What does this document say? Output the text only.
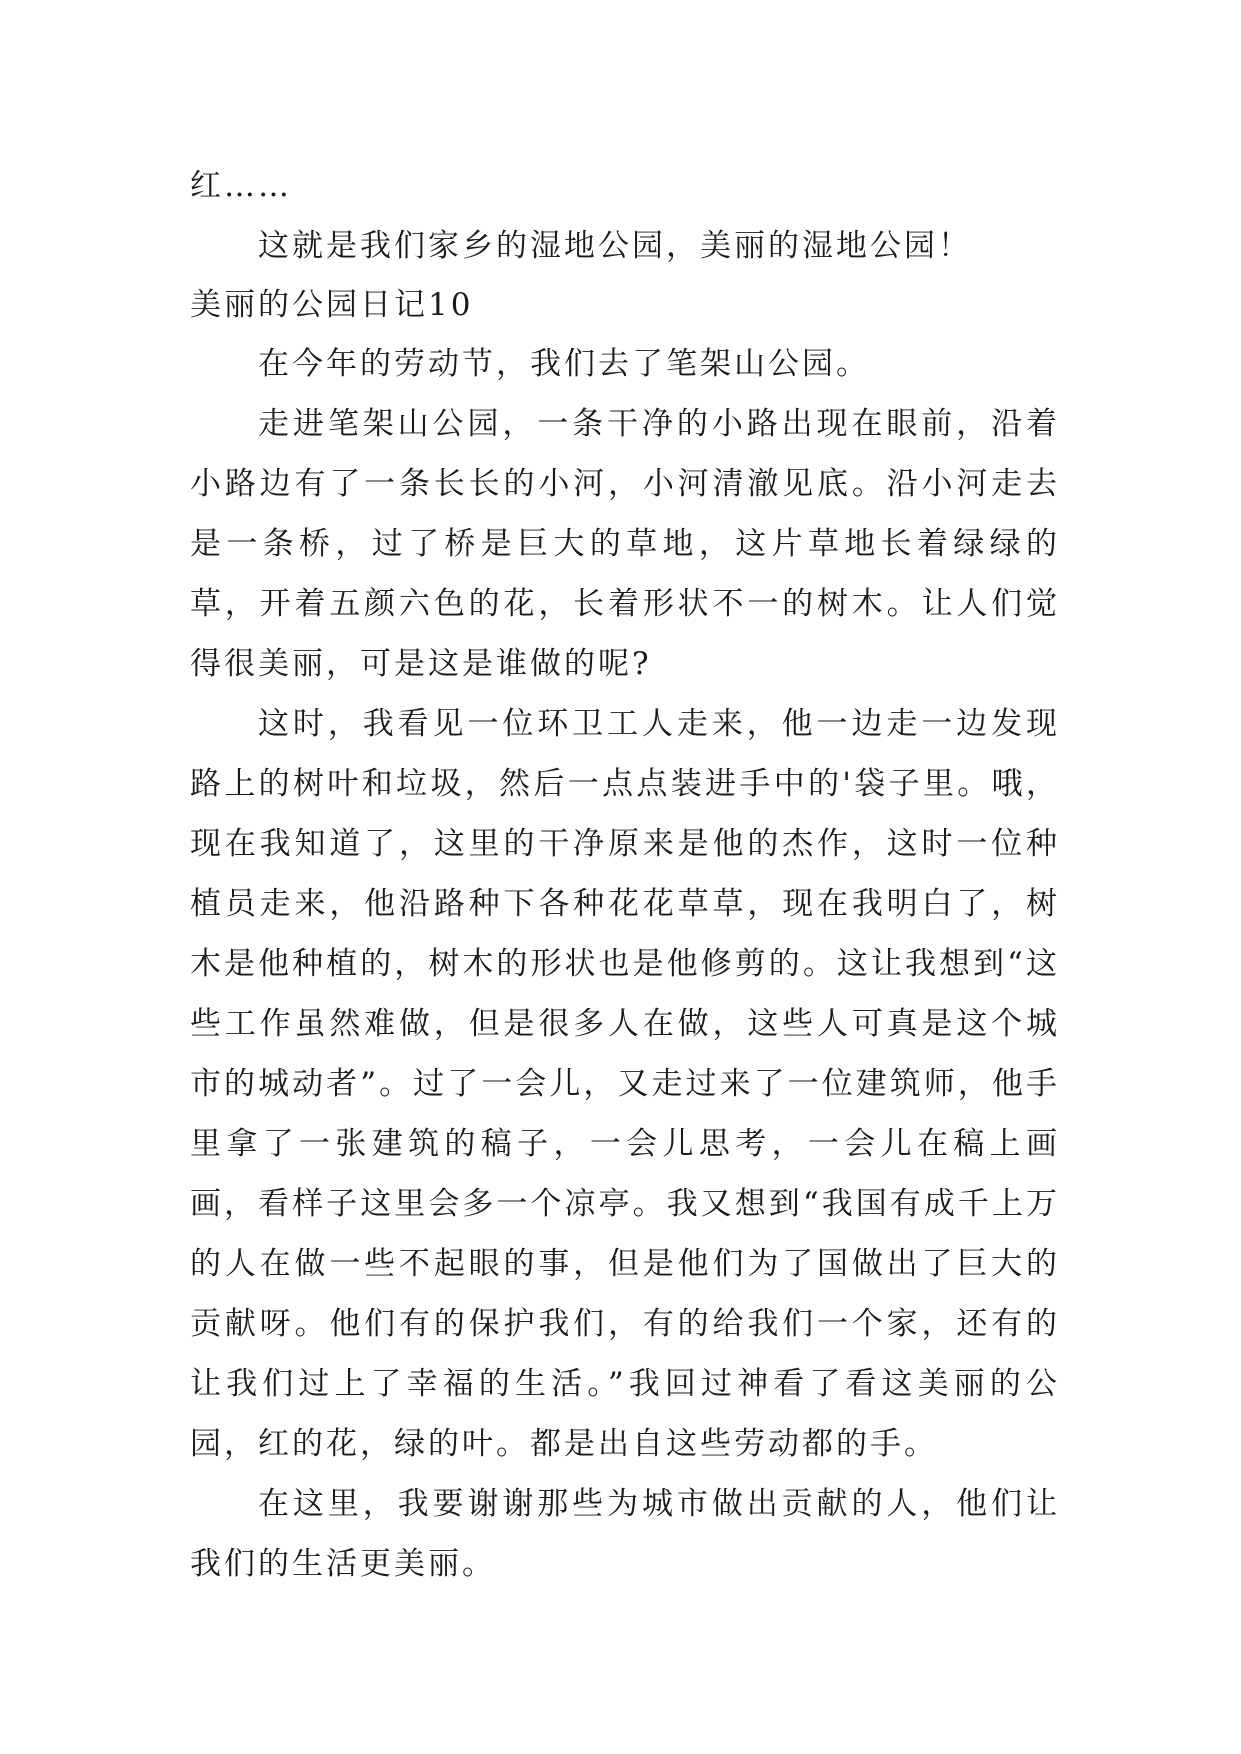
红……

这就是我们家乡的湿地公园，美丽的湿地公园！

美丽的公园日记10

在今年的劳动节，我们去了笔架山公园。

走进笔架山公园，一条干净的小路出现在眼前，沿着小路边有了一条长长的小河，小河清澈见底。沿小河走去是一条桥，过了桥是巨大的草地，这片草地长着绿绿的草，开着五颜六色的花，长着形状不一的树木。让人们觉得很美丽，可是这是谁做的呢?

这时，我看见一位环卫工人走来，他一边走一边发现路上的树叶和垃圾，然后一点点装进手中的'袋子里。哦，现在我知道了，这里的干净原来是他的杰作，这时一位种植员走来，他沿路种下各种花花草草，现在我明白了，树木是他种植的，树木的形状也是他修剪的。这让我想到“这些工作虽然难做，但是很多人在做，这些人可真是这个城市的城动者”。过了一会儿，又走过来了一位建筑师，他手里拿了一张建筑的稿子，一会儿思考，一会儿在稿上画画，看样子这里会多一个凉亭。我又想到“我国有成千上万的人在做一些不起眼的事，但是他们为了国做出了巨大的贡献呀。他们有的保护我们，有的给我们一个家，还有的让我们过上了幸福的生活。”我回过神看了看这美丽的公园，红的花，绿的叶。都是出自这些劳动都的手。

在这里，我要谢谢那些为城市做出贡献的人，他们让我们的生活更美丽。
